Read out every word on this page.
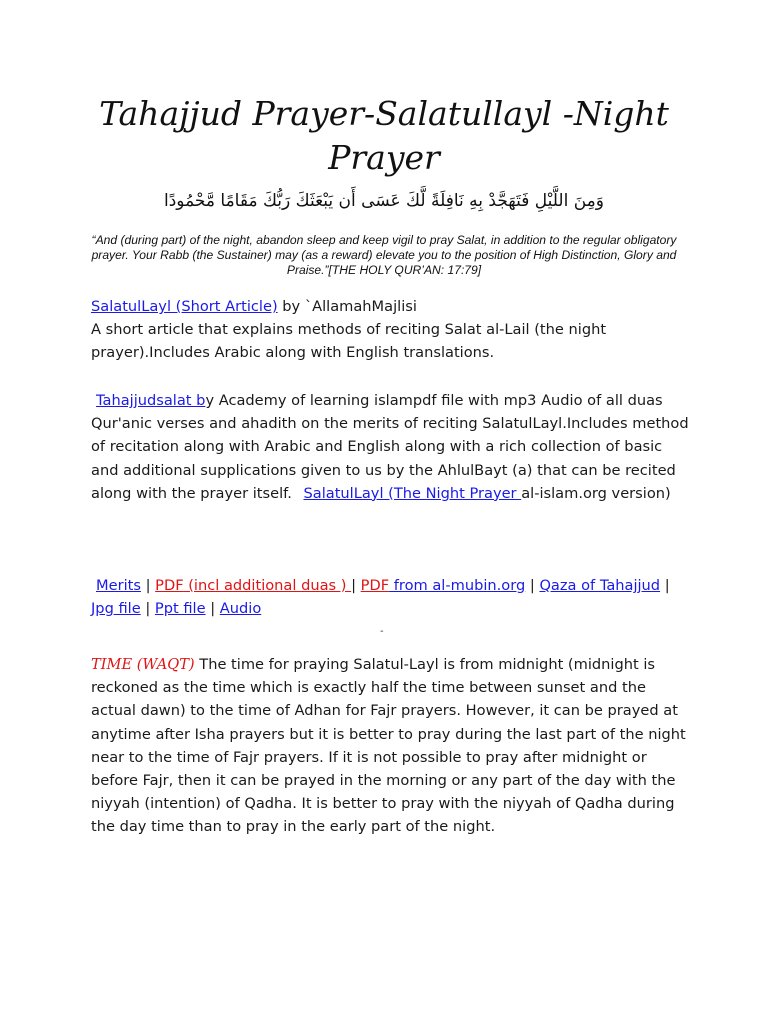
Tahajjud Prayer-Salatullayl -Night Prayer

وَمِنَ اللَّيْلِ فَتَهَجَّدْ بِهِ نَافِلَةً لَّكَ عَسَى أَن يَبْعَثَكَ رَبُّكَ مَقَامًا مَّحْمُودًا

“And (during part) of the night, abandon sleep and keep vigil to pray Salat, in addition to the regular obligatory prayer. Your Rabb (the Sustainer) may (as a reward) elevate you to the position of High Distinction, Glory and Praise.”[THE HOLY QUR’AN: 17:79]

SalatulLayl (Short Article) by `AllamahMajlisi
A short article that explains methods of reciting Salat al-Lail (the night prayer).Includes Arabic along with English translations.

Tahajjudsalat by Academy of learning islampdf file with mp3 Audio of all duas
Qur'anic verses and ahadith on the merits of reciting SalatulLayl.Includes method of recitation along with Arabic and English along with a rich collection of basic and additional supplications given to us by the AhlulBayt (a) that can be recited along with the prayer itself. SalatulLayl (The Night Prayer al-islam.org version)

Merits | PDF (incl additional duas ) | PDF from al-mubin.org | Qaza of Tahajjud | Jpg file | Ppt file | Audio

-

TIME (WAQT) The time for praying Salatul-Layl is from midnight (midnight is reckoned as the time which is exactly half the time between sunset and the actual dawn) to the time of Adhan for Fajr prayers. However, it can be prayed at anytime after Isha prayers but it is better to pray during the last part of the night near to the time of Fajr prayers. If it is not possible to pray after midnight or before Fajr, then it can be prayed in the morning or any part of the day with the niyyah (intention) of Qadha. It is better to pray with the niyyah of Qadha during the day time than to pray in the early part of the night.
